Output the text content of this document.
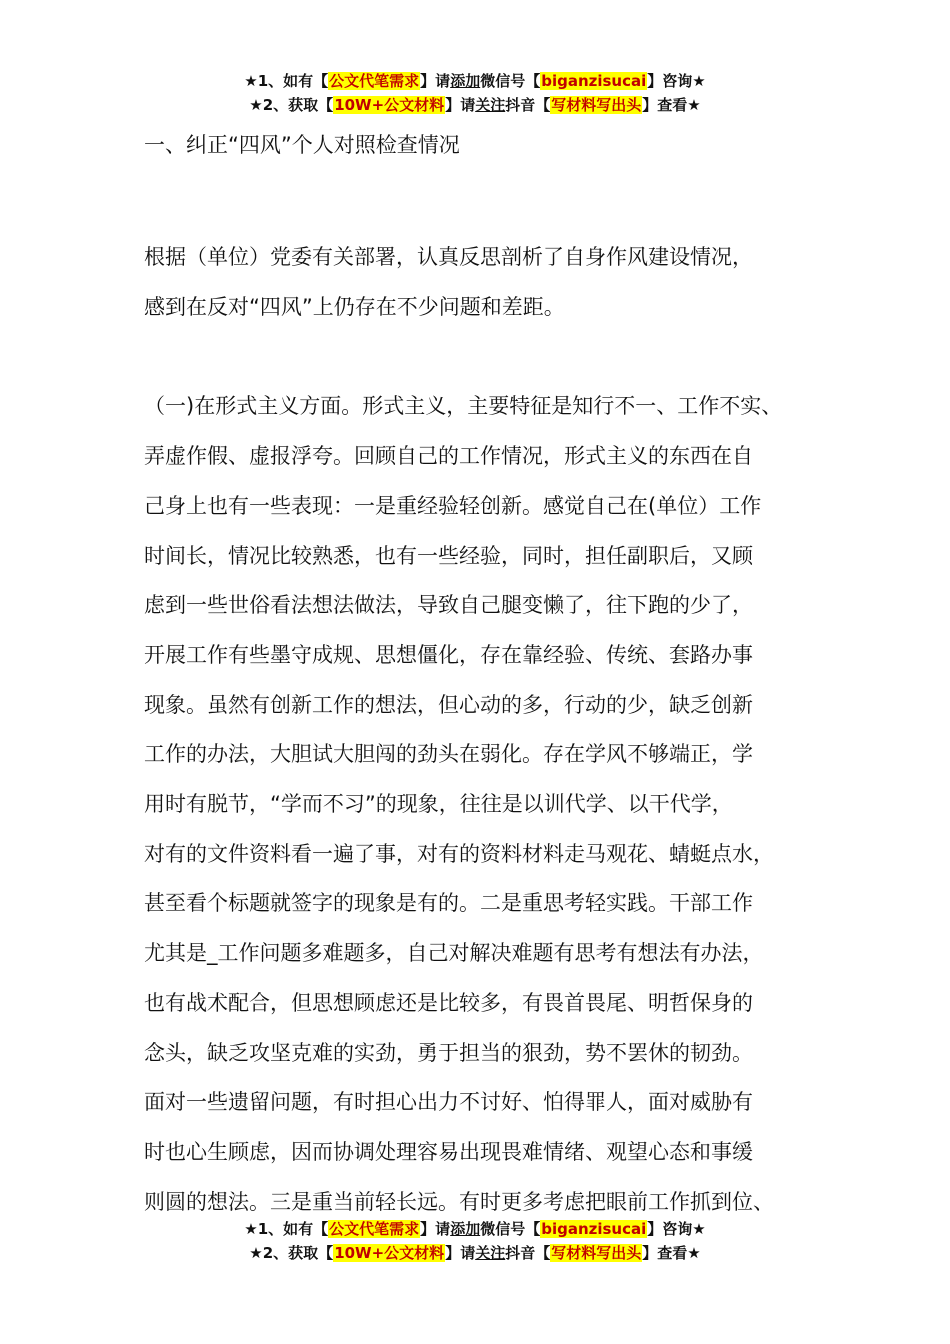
★1、如有【公文代笔需求】请添加微信号【biganzisucai】咨询★
★2、获取【10W+公文材料】请关注抖音【写材料写出头】查看★

一、纠正“四风”个人对照检查情况

根据（单位）党委有关部署，认真反思剖析了自身作风建设情况，
感到在反对“四风”上仍存在不少问题和差距。

（一)在形式主义方面。形式主义，主要特征是知行不一、工作不实、
弄虚作假、虚报浮夸。回顾自己的工作情况，形式主义的东西在自
己身上也有一些表现：一是重经验轻创新。感觉自己在(单位）工作
时间长，情况比较熟悉，也有一些经验，同时，担任副职后，又顾
虑到一些世俗看法想法做法，导致自己腿变懒了，往下跑的少了，
开展工作有些墨守成规、思想僵化，存在靠经验、传统、套路办事
现象。虽然有创新工作的想法，但心动的多，行动的少，缺乏创新
工作的办法，大胆试大胆闯的劲头在弱化。存在学风不够端正，学
用时有脱节，“学而不习”的现象，往往是以训代学、以干代学，
对有的文件资料看一遍了事，对有的资料材料走马观花、蜻蜓点水，
甚至看个标题就签字的现象是有的。二是重思考轻实践。干部工作
尤其是_工作问题多难题多，自己对解决难题有思考有想法有办法，
也有战术配合，但思想顾虑还是比较多，有畏首畏尾、明哲保身的
念头，缺乏攻坚克难的实劲，勇于担当的狠劲，势不罢休的韧劲。
面对一些遗留问题，有时担心出力不讨好、怕得罪人，面对威胁有
时也心生顾虑，因而协调处理容易出现畏难情绪、观望心态和事缓
则圆的想法。三是重当前轻长远。有时更多考虑把眼前工作抓到位、

★1、如有【公文代笔需求】请添加微信号【biganzisucai】咨询★
★2、获取【10W+公文材料】请关注抖音【写材料写出头】查看★
